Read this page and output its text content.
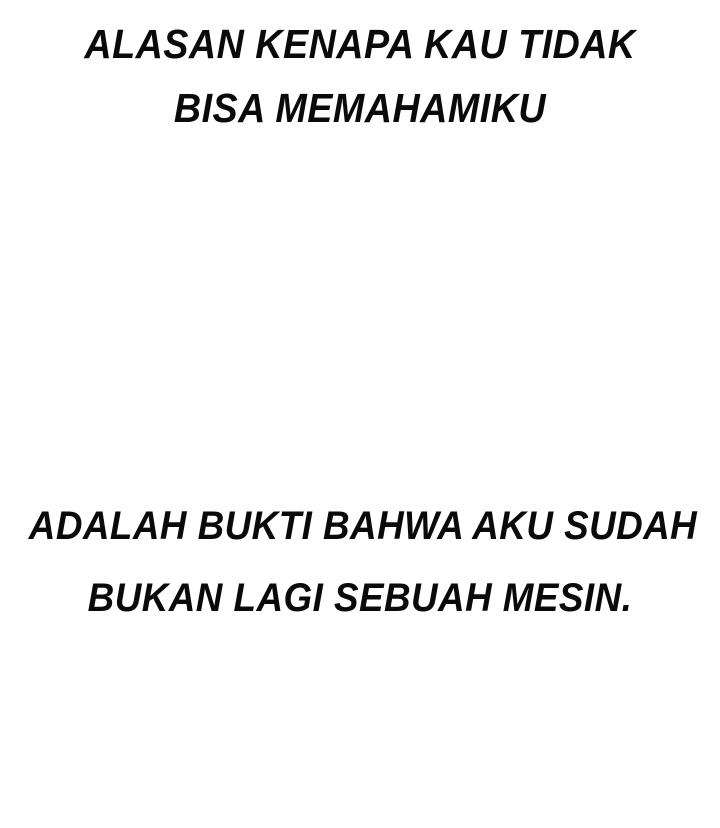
ALASAN KENAPA KAU TIDAK
BISA MEMAHAMIKU
ADALAH BUKTI BAHWA AKU SUDAH
BUKAN LAGI SEBUAH MESIN.
